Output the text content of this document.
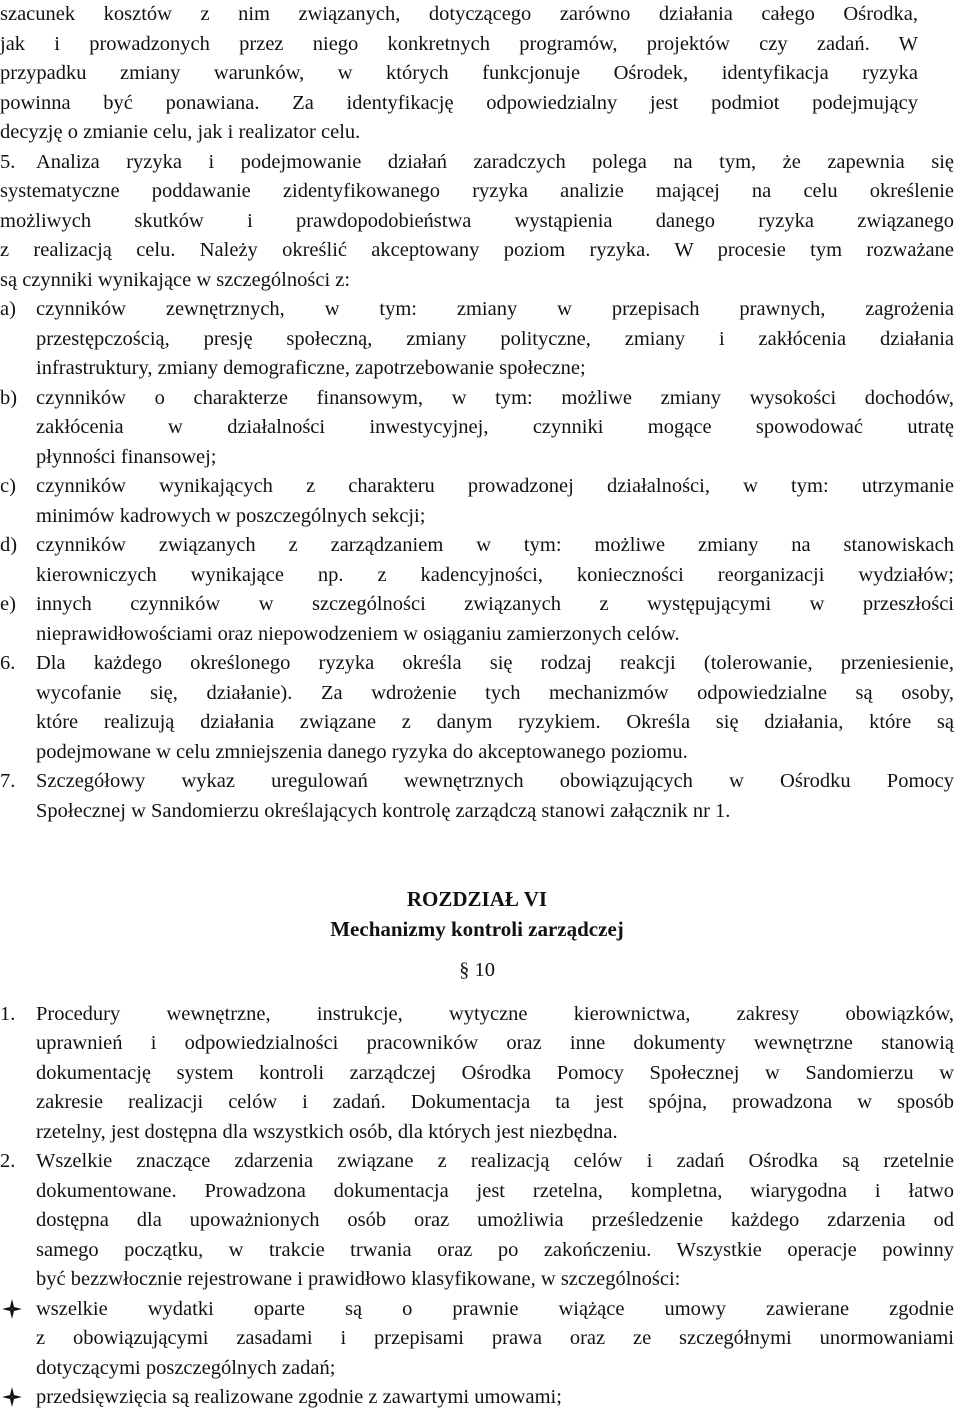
szacunek kosztów z nim związanych, dotyczącego zarówno działania całego Ośrodka,
jak i prowadzonych przez niego konkretnych programów, projektów czy zadań. W
przypadku zmiany warunków, w których funkcjonuje Ośrodek, identyfikacja ryzyka
powinna być ponawiana. Za identyfikację odpowiedzialny jest podmiot podejmujący
decyzję o zmianie celu, jak i realizator celu.
5. Analiza ryzyka i podejmowanie działań zaradczych polega na tym, że zapewnia się
systematyczne poddawanie zidentyfikowanego ryzyka analizie mającej na celu określenie
możliwych skutków i prawdopodobieństwa wystąpienia danego ryzyka związanego
z realizacją celu. Należy określić akceptowany poziom ryzyka. W procesie tym rozważane
są czynniki wynikające w szczególności z:
a) czynników zewnętrznych, w tym: zmiany w przepisach prawnych, zagrożenia
przestępczością, presję społeczną, zmiany polityczne, zmiany i zakłócenia działania
infrastruktury, zmiany demograficzne, zapotrzebowanie społeczne;
b) czynników o charakterze finansowym, w tym: możliwe zmiany wysokości dochodów,
zakłócenia w działalności inwestycyjnej, czynniki mogące spowodować utratę
płynności finansowej;
c) czynników wynikających z charakteru prowadzonej działalności, w tym: utrzymanie
minimów kadrowych w poszczególnych sekcji;
d) czynników związanych z zarządzaniem w tym: możliwe zmiany na stanowiskach
kierowniczych wynikające np. z kadencyjności, konieczności reorganizacji wydziałów;
e) innych czynników w szczególności związanych z występującymi w przeszłości
nieprawidłowościami oraz niepowodzeniem w osiąganiu zamierzonych celów.
6. Dla każdego określonego ryzyka określa się rodzaj reakcji (tolerowanie, przeniesienie,
wycofanie się, działanie). Za wdrożenie tych mechanizmów odpowiedzialne są osoby,
które realizują działania związane z danym ryzykiem. Określa się działania, które są
podejmowane w celu zmniejszenia danego ryzyka do akceptowanego poziomu.
7. Szczegółowy wykaz uregulowań wewnętrznych obowiązujących w Ośrodku Pomocy
Społecznej w Sandomierzu określających kontrolę zarządczą stanowi załącznik nr 1.
ROZDZIAŁ VI
Mechanizmy kontroli zarządczej
§ 10
1. Procedury wewnętrzne, instrukcje, wytyczne kierownictwa, zakresy obowiązków,
uprawnień i odpowiedzialności pracowników oraz inne dokumenty wewnętrzne stanowią
dokumentację system kontroli zarządczej Ośrodka Pomocy Społecznej w Sandomierzu w
zakresie realizacji celów i zadań. Dokumentacja ta jest spójna, prowadzona w sposób
rzetelny, jest dostępna dla wszystkich osób, dla których jest niezbędna.
2. Wszelkie znaczące zdarzenia związane z realizacją celów i zadań Ośrodka są rzetelnie
dokumentowane. Prowadzona dokumentacja jest rzetelna, kompletna, wiarygodna i łatwo
dostępna dla upoważnionych osób oraz umożliwia prześledzenie każdego zdarzenia od
samego początku, w trakcie trwania oraz po zakończeniu. Wszystkie operacje powinny
być bezzwłocznie rejestrowane i prawidłowo klasyfikowane, w szczególności:
wszelkie wydatki oparte są o prawnie wiążące umowy zawierane zgodnie
z obowiązującymi zasadami i przepisami prawa oraz ze szczegółnymi unormowaniami
dotyczącymi poszczególnych zadań;
przedsięwzięcia są realizowane zgodnie z zawartymi umowami;
